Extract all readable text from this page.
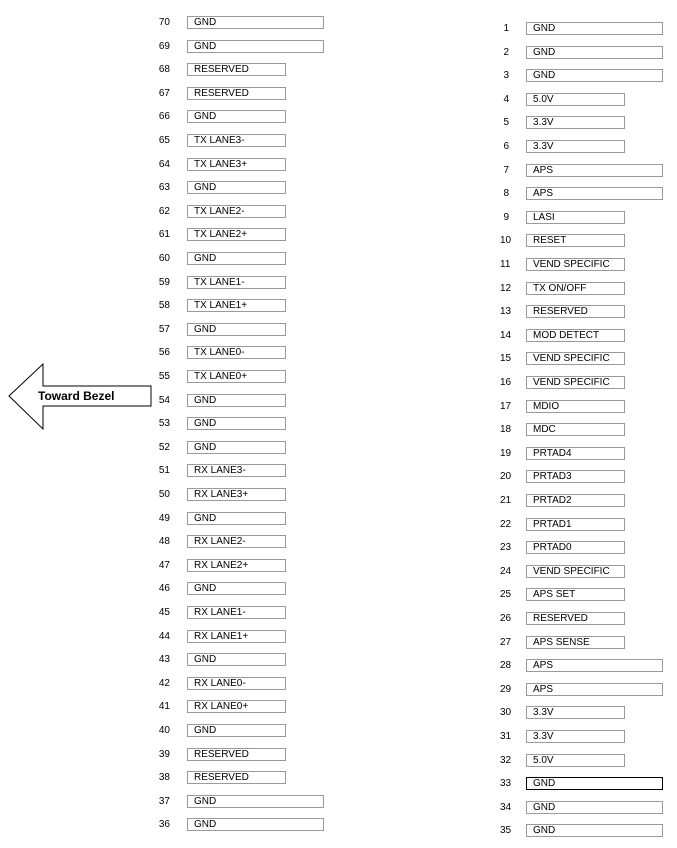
70	GND
69	GND
68	RESERVED
67	RESERVED
66	GND
65	TX LANE3-
64	TX LANE3+
63	GND
62	TX LANE2-
61	TX LANE2+
60	GND
59	TX LANE1-
58	TX LANE1+
57	GND
56	TX LANE0-
55	TX LANE0+
54	GND
53	GND
52	GND
51	RX LANE3-
50	RX LANE3+
49	GND
48	RX LANE2-
47	RX LANE2+
46	GND
45	RX LANE1-
44	RX LANE1+
43	GND
42	RX LANE0-
41	RX LANE0+
40	GND
39	RESERVED
38	RESERVED
37	GND
36	GND
1	GND
2	GND
3	GND
4	5.0V
5	3.3V
6	3.3V
7	APS
8	APS
9	LASI
10	RESET
11	VEND SPECIFIC
12	TX ON/OFF
13	RESERVED
14	MOD DETECT
15	VEND SPECIFIC
16	VEND SPECIFIC
17	MDIO
18	MDC
19	PRTAD4
20	PRTAD3
21	PRTAD2
22	PRTAD1
23	PRTAD0
24	VEND SPECIFIC
25	APS SET
26	RESERVED
27	APS SENSE
28	APS
29	APS
30	3.3V
31	3.3V
32	5.0V
33	GND
34	GND
35	GND
Toward Bezel
